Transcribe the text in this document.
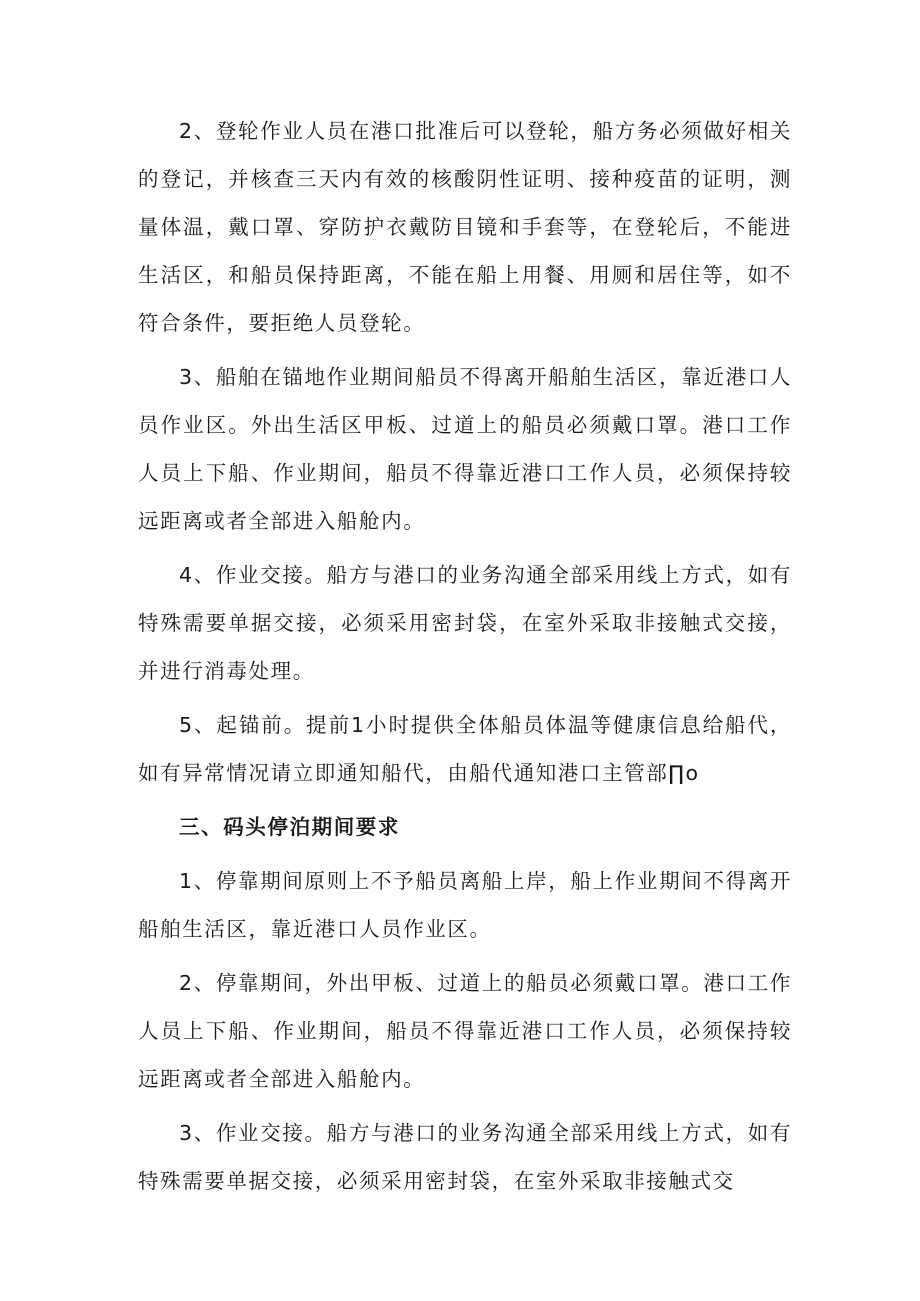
2、登轮作业人员在港口批准后可以登轮，船方务必须做好相关的登记，并核查三天内有效的核酸阴性证明、接种疫苗的证明，测量体温，戴口罩、穿防护衣戴防目镜和手套等，在登轮后，不能进生活区，和船员保持距离，不能在船上用餐、用厕和居住等，如不符合条件，要拒绝人员登轮。

3、船舶在锚地作业期间船员不得离开船舶生活区，靠近港口人员作业区。外出生活区甲板、过道上的船员必须戴口罩。港口工作人员上下船、作业期间，船员不得靠近港口工作人员，必须保持较远距离或者全部进入船舱内。

4、作业交接。船方与港口的业务沟通全部采用线上方式，如有特殊需要单据交接，必须采用密封袋，在室外采取非接触式交接，并进行消毒处理。

5、起锚前。提前1小时提供全体船员体温等健康信息给船代，如有异常情况请立即通知船代，由船代通知港口主管部∏o

三、码头停泊期间要求

1、停靠期间原则上不予船员离船上岸，船上作业期间不得离开船舶生活区，靠近港口人员作业区。

2、停靠期间，外出甲板、过道上的船员必须戴口罩。港口工作人员上下船、作业期间，船员不得靠近港口工作人员，必须保持较远距离或者全部进入船舱内。

3、作业交接。船方与港口的业务沟通全部采用线上方式，如有特殊需要单据交接，必须采用密封袋，在室外采取非接触式交
